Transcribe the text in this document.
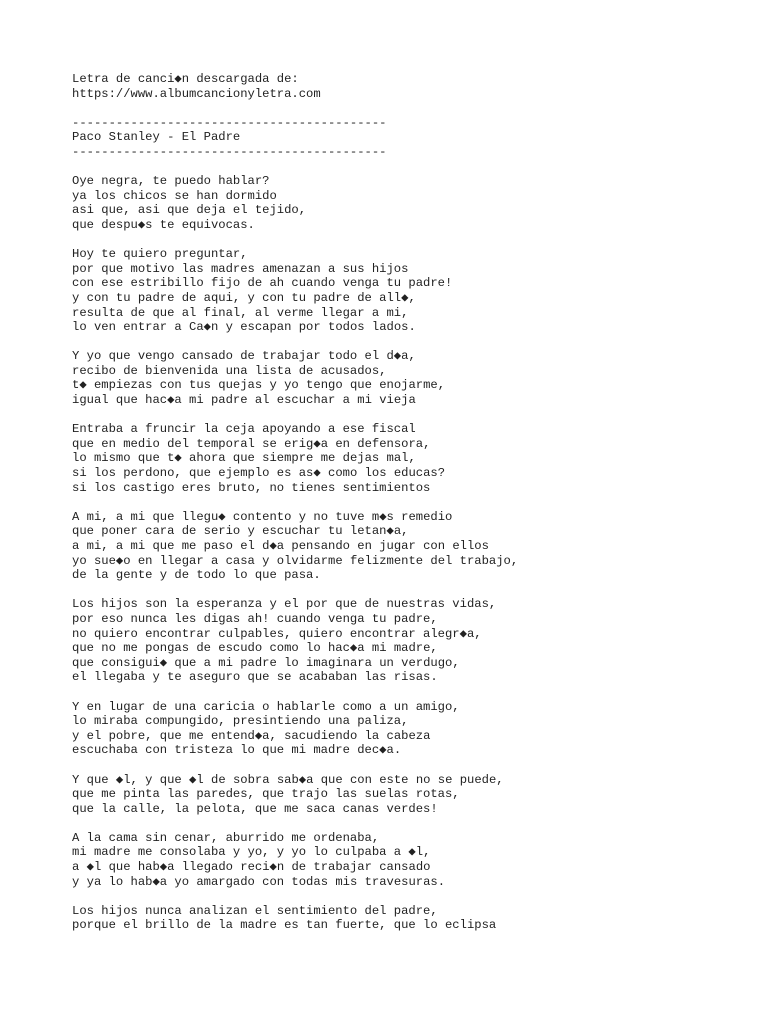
Letra de canci◆n descargada de:
https://www.albumcancionyletra.com
-------------------------------------------
Paco Stanley - El Padre
-------------------------------------------
Oye negra, te puedo hablar?
ya los chicos se han dormido
asi que, asi que deja el tejido,
que despu◆s te equivocas.
Hoy te quiero preguntar,
por que motivo las madres amenazan a sus hijos
con ese estribillo fijo de ah cuando venga tu padre!
y con tu padre de aqui, y con tu padre de all◆,
resulta de que al final, al verme llegar a mi,
lo ven entrar a Ca◆n y escapan por todos lados.
Y yo que vengo cansado de trabajar todo el d◆a,
recibo de bienvenida una lista de acusados,
t◆ empiezas con tus quejas y yo tengo que enojarme,
igual que hac◆a mi padre al escuchar a mi vieja
Entraba a fruncir la ceja apoyando a ese fiscal
que en medio del temporal se erig◆a en defensora,
lo mismo que t◆ ahora que siempre me dejas mal,
si los perdono, que ejemplo es as◆ como los educas?
si los castigo eres bruto, no tienes sentimientos
A mi, a mi que llegu◆ contento y no tuve m◆s remedio
que poner cara de serio y escuchar tu letan◆a,
a mi, a mi que me paso el d◆a pensando en jugar con ellos
yo sue◆o en llegar a casa y olvidarme felizmente del trabajo,
de la gente y de todo lo que pasa.
Los hijos son la esperanza y el por que de nuestras vidas,
por eso nunca les digas ah! cuando venga tu padre,
no quiero encontrar culpables, quiero encontrar alegr◆a,
que no me pongas de escudo como lo hac◆a mi madre,
que consigui◆ que a mi padre lo imaginara un verdugo,
el llegaba y te aseguro que se acababan las risas.
Y en lugar de una caricia o hablarle como a un amigo,
lo miraba compungido, presintiendo una paliza,
y el pobre, que me entend◆a, sacudiendo la cabeza
escuchaba con tristeza lo que mi madre dec◆a.
Y que ◆l, y que ◆l de sobra sab◆a que con este no se puede,
que me pinta las paredes, que trajo las suelas rotas,
que la calle, la pelota, que me saca canas verdes!
A la cama sin cenar, aburrido me ordenaba,
mi madre me consolaba y yo, y yo lo culpaba a ◆l,
a ◆l que hab◆a llegado reci◆n de trabajar cansado
y ya lo hab◆a yo amargado con todas mis travesuras.
Los hijos nunca analizan el sentimiento del padre,
porque el brillo de la madre es tan fuerte, que lo eclipsa
